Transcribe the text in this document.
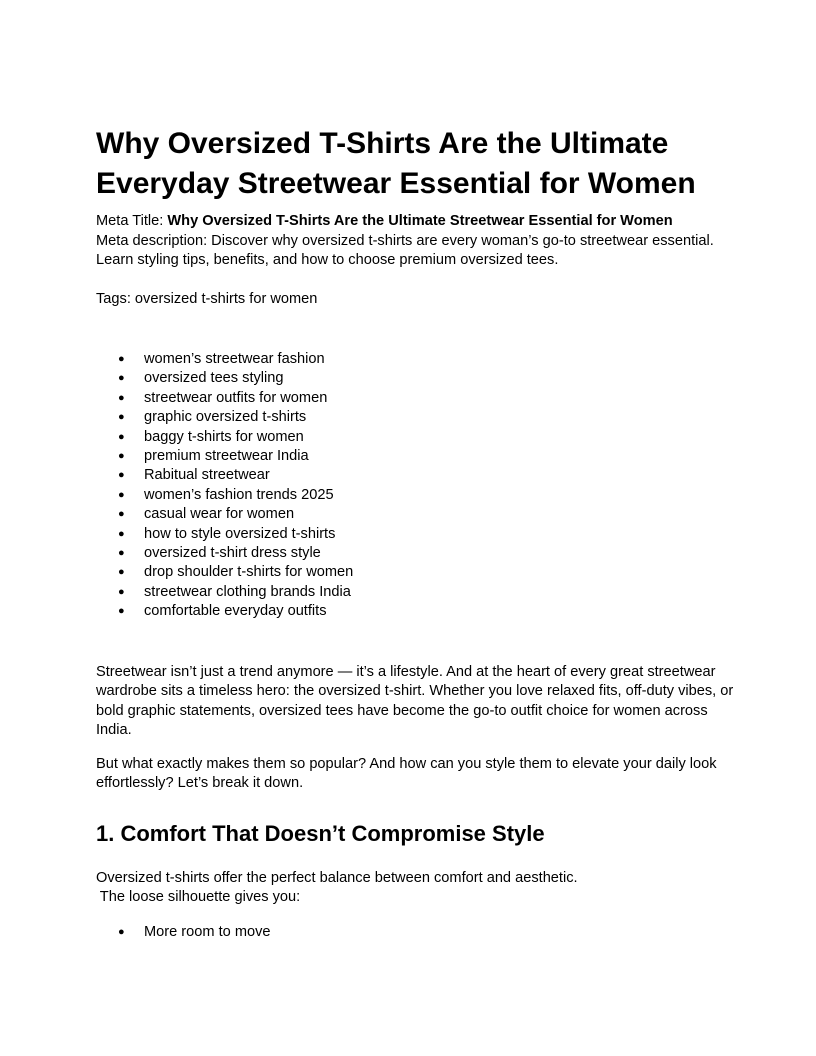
Why Oversized T-Shirts Are the Ultimate Everyday Streetwear Essential for Women

Meta Title: Why Oversized T-Shirts Are the Ultimate Streetwear Essential for Women

Meta description: Discover why oversized t-shirts are every woman’s go-to streetwear essential. Learn styling tips, benefits, and how to choose premium oversized tees.

Tags: oversized t-shirts for women

● women’s streetwear fashion
● oversized tees styling
● streetwear outfits for women
● graphic oversized t-shirts
● baggy t-shirts for women
● premium streetwear India
● Rabitual streetwear
● women’s fashion trends 2025
● casual wear for women
● how to style oversized t-shirts
● oversized t-shirt dress style
● drop shoulder t-shirts for women
● streetwear clothing brands India
● comfortable everyday outfits

Streetwear isn’t just a trend anymore — it’s a lifestyle. And at the heart of every great streetwear wardrobe sits a timeless hero: the oversized t-shirt. Whether you love relaxed fits, off-duty vibes, or bold graphic statements, oversized tees have become the go-to outfit choice for women across India.

But what exactly makes them so popular? And how can you style them to elevate your daily look effortlessly? Let’s break it down.

1. Comfort That Doesn’t Compromise Style

Oversized t-shirts offer the perfect balance between comfort and aesthetic.

The loose silhouette gives you:

● More room to move
